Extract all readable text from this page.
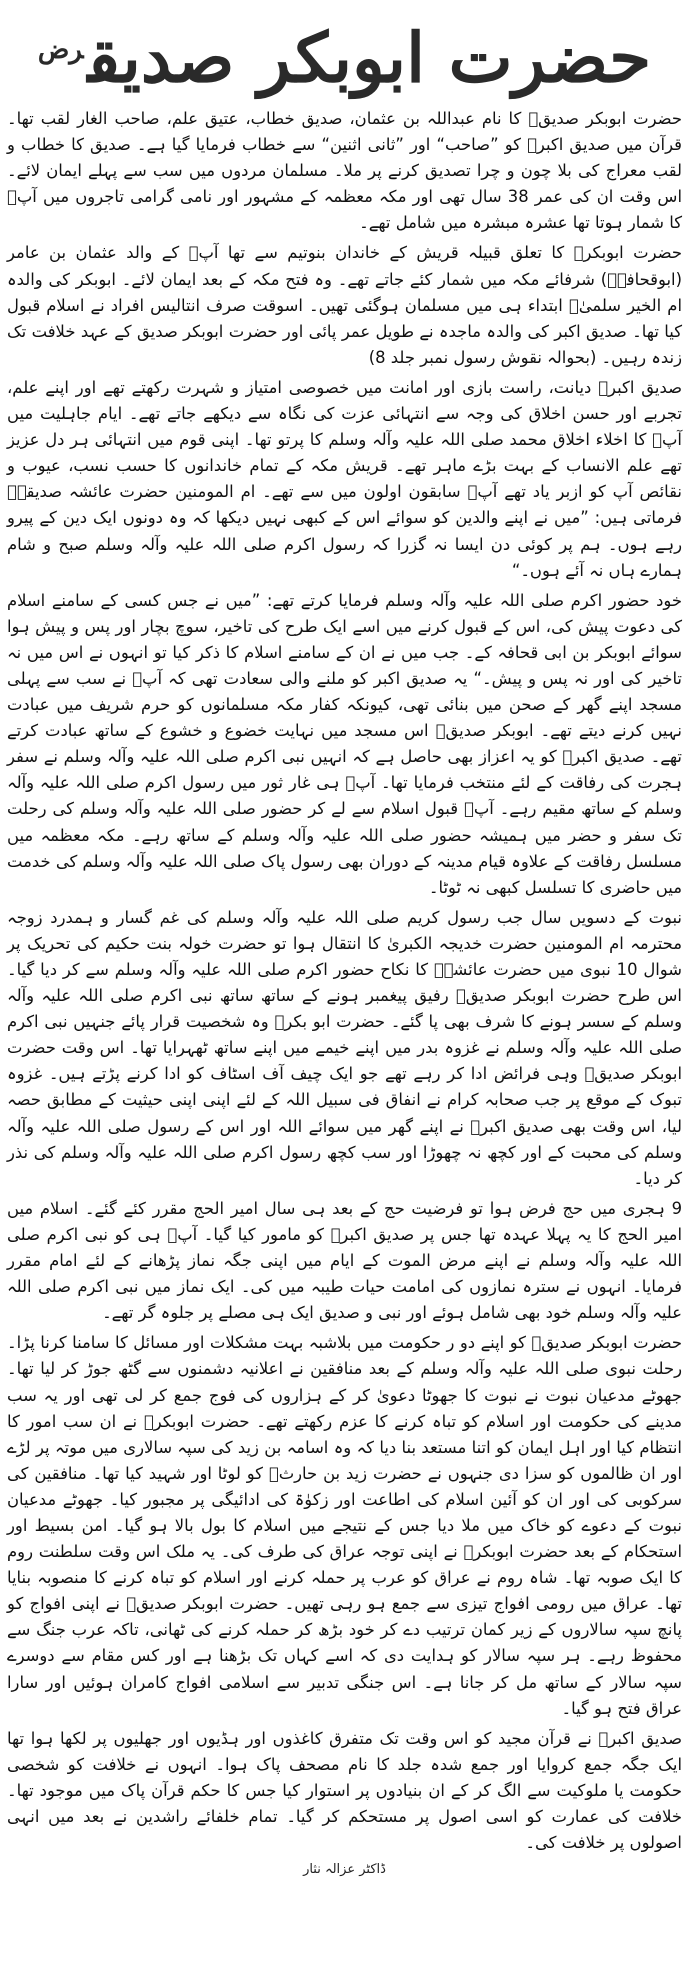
حضرت ابوبکر صدیق$^{رض}$

حضرت ابوبکر صدیقؓ کا نام عبداللہ بن عثمان، صدیق خطاب، عتیق علم، صاحب الغار لقب تھا۔ قرآن میں صدیق اکبرؓ کو ”صاحب“ اور ”ثانی اثنین“ سے خطاب فرمایا گیا ہے۔ صدیق کا خطاب و لقب معراج کی بلا چون و چرا تصدیق کرنے پر ملا۔ مسلمان مردوں میں سب سے پہلے ایمان لائے۔ اس وقت ان کی عمر 38 سال تھی اور مکہ معظمہ کے مشہور اور نامی گرامی تاجروں میں آپؓ کا شمار ہوتا تھا عشرہ مبشرہ میں شامل تھے۔

حضرت ابوبکرؓ کا تعلق قبیلہ قریش کے خاندان بنوتیم سے تھا آپؓ کے والد عثمان بن عامر (ابوقحافہؓ) شرفائے مکہ میں شمار کئے جاتے تھے۔ وہ فتح مکہ کے بعد ایمان لائے۔ ابوبکر کی والدہ ام الخیر سلمیٰؓ ابتداء ہی میں مسلمان ہوگئی تھیں۔ اسوقت صرف انتالیس افراد نے اسلام قبول کیا تھا۔ صدیق اکبر کی والدہ ماجدہ نے طویل عمر پائی اور حضرت ابوبکر صدیق کے عہد خلافت تک زندہ رہیں۔ (بحوالہ نقوش رسول نمبر جلد 8)

صدیق اکبرؓ دیانت، راست بازی اور امانت میں خصوصی امتیاز و شہرت رکھتے تھے اور اپنے علم، تجربے اور حسن اخلاق کی وجہ سے انتہائی عزت کی نگاہ سے دیکھے جاتے تھے۔ ایام جاہلیت میں آپؓ کا اخلاء اخلاق محمد صلی اللہ علیہ وآلہ وسلم کا پرتو تھا۔ اپنی قوم میں انتہائی ہر دل عزیز تھے علم الانساب کے بہت بڑے ماہر تھے۔ قریش مکہ کے تمام خاندانوں کا حسب نسب، عیوب و نقائص آپ کو ازبر یاد تھے آپؓ سابقون اولون میں سے تھے۔ ام المومنین حضرت عائشہ صدیقہؓ فرماتی ہیں: ”میں نے اپنے والدین کو سوائے اس کے کبھی نہیں دیکھا کہ وہ دونوں ایک دین کے پیرو رہے ہوں۔ ہم پر کوئی دن ایسا نہ گزرا کہ رسول اکرم صلی اللہ علیہ وآلہ وسلم صبح و شام ہمارے ہاں نہ آئے ہوں۔“

خود حضور اکرم صلی اللہ علیہ وآلہ وسلم فرمایا کرتے تھے: ”میں نے جس کسی کے سامنے اسلام کی دعوت پیش کی، اس کے قبول کرنے میں اسے ایک طرح کی تاخیر، سوچ بچار اور پس و پیش ہوا سوائے ابوبکر بن ابی قحافہ کے۔ جب میں نے ان کے سامنے اسلام کا ذکر کیا تو انہوں نے اس میں نہ تاخیر کی اور نہ پس و پیش۔“ یہ صدیق اکبر کو ملنے والی سعادت تھی کہ آپؓ نے سب سے پہلی مسجد اپنے گھر کے صحن میں بنائی تھی، کیونکہ کفار مکہ مسلمانوں کو حرم شریف میں عبادت نہیں کرنے دیتے تھے۔ ابوبکر صدیقؓ اس مسجد میں نہایت خضوع و خشوع کے ساتھ عبادت کرتے تھے۔ صدیق اکبرؓ کو یہ اعزاز بھی حاصل ہے کہ انہیں نبی اکرم صلی اللہ علیہ وآلہ وسلم نے سفر ہجرت کی رفاقت کے لئے منتخب فرمایا تھا۔ آپؓ ہی غار ثور میں رسول اکرم صلی اللہ علیہ وآلہ وسلم کے ساتھ مقیم رہے۔ آپؓ قبول اسلام سے لے کر حضور صلی اللہ علیہ وآلہ وسلم کی رحلت تک سفر و حضر میں ہمیشہ حضور صلی اللہ علیہ وآلہ وسلم کے ساتھ رہے۔ مکہ معظمہ میں مسلسل رفاقت کے علاوہ قیام مدینہ کے دوران بھی رسول پاک صلی اللہ علیہ وآلہ وسلم کی خدمت میں حاضری کا تسلسل کبھی نہ ٹوٹا۔

نبوت کے دسویں سال جب رسول کریم صلی اللہ علیہ وآلہ وسلم کی غم گسار و ہمدرد زوجہ محترمہ ام المومنین حضرت خدیجہ الکبریٰ کا انتقال ہوا تو حضرت خولہ بنت حکیم کی تحریک پر شوال 10 نبوی میں حضرت عائشہؓ کا نکاح حضور اکرم صلی اللہ علیہ وآلہ وسلم سے کر دیا گیا۔ اس طرح حضرت ابوبکر صدیقؓ رفیق پیغمبر ہونے کے ساتھ ساتھ نبی اکرم صلی اللہ علیہ وآلہ وسلم کے سسر ہونے کا شرف بھی پا گئے۔ حضرت ابو بکرؓ وہ شخصیت قرار پائے جنہیں نبی اکرم صلی اللہ علیہ وآلہ وسلم نے غزوہ بدر میں اپنے خیمے میں اپنے ساتھ ٹھہرایا تھا۔ اس وقت حضرت ابوبکر صدیقؓ وہی فرائض ادا کر رہے تھے جو ایک چیف آف اسٹاف کو ادا کرنے پڑتے ہیں۔ غزوہ تبوک کے موقع پر جب صحابہ کرام نے انفاق فی سبیل اللہ کے لئے اپنی اپنی حیثیت کے مطابق حصہ لیا، اس وقت بھی صدیق اکبرؓ نے اپنے گھر میں سوائے اللہ اور اس کے رسول صلی اللہ علیہ وآلہ وسلم کی محبت کے اور کچھ نہ چھوڑا اور سب کچھ رسول اکرم صلی اللہ علیہ وآلہ وسلم کی نذر کر دیا۔

9 ہجری میں حج فرض ہوا تو فرضیت حج کے بعد ہی سال امیر الحج مقرر کئے گئے۔ اسلام میں امیر الحج کا یہ پہلا عہدہ تھا جس پر صدیق اکبرؓ کو مامور کیا گیا۔ آپؓ ہی کو نبی اکرم صلی اللہ علیہ وآلہ وسلم نے اپنے مرض الموت کے ایام میں اپنی جگہ نماز پڑھانے کے لئے امام مقرر فرمایا۔ انہوں نے سترہ نمازوں کی امامت حیات طیبہ میں کی۔ ایک نماز میں نبی اکرم صلی اللہ علیہ وآلہ وسلم خود بھی شامل ہوئے اور نبی و صدیق ایک ہی مصلے پر جلوہ گر تھے۔

حضرت ابوبکر صدیقؓ کو اپنے دو ر حکومت میں بلاشبہ بہت مشکلات اور مسائل کا سامنا کرنا پڑا۔ رحلت نبوی صلی اللہ علیہ وآلہ وسلم کے بعد منافقین نے اعلانیہ دشمنوں سے گٹھ جوڑ کر لیا تھا۔ جھوٹے مدعیان نبوت نے نبوت کا جھوٹا دعویٰ کر کے ہزاروں کی فوج جمع کر لی تھی اور یہ سب مدینے کی حکومت اور اسلام کو تباہ کرنے کا عزم رکھتے تھے۔ حضرت ابوبکرؓ نے ان سب امور کا انتظام کیا اور اہل ایمان کو اتنا مستعد بنا دیا کہ وہ اسامہ بن زید کی سپہ سالاری میں موتہ پر لڑے اور ان ظالموں کو سزا دی جنہوں نے حضرت زید بن حارثؓ کو لوٹا اور شہید کیا تھا۔ منافقین کی سرکوبی کی اور ان کو آئین اسلام کی اطاعت اور زکوٰۃ کی ادائیگی پر مجبور کیا۔ جھوٹے مدعیان نبوت کے دعوے کو خاک میں ملا دیا جس کے نتیجے میں اسلام کا بول بالا ہو گیا۔ امن بسیط اور استحکام کے بعد حضرت ابوبکرؓ نے اپنی توجہ عراق کی طرف کی۔ یہ ملک اس وقت سلطنت روم کا ایک صوبہ تھا۔ شاہ روم نے عراق کو عرب پر حملہ کرنے اور اسلام کو تباہ کرنے کا منصوبہ بنایا تھا۔ عراق میں رومی افواج تیزی سے جمع ہو رہی تھیں۔ حضرت ابوبکر صدیقؓ نے اپنی افواج کو پانچ سپہ سالاروں کے زیر کمان ترتیب دے کر خود بڑھ کر حملہ کرنے کی ٹھانی، تاکہ عرب جنگ سے محفوظ رہے۔ ہر سپہ سالار کو ہدایت دی کہ اسے کہاں تک بڑھنا ہے اور کس مقام سے دوسرے سپہ سالار کے ساتھ مل کر جانا ہے۔ اس جنگی تدبیر سے اسلامی افواج کامران ہوئیں اور سارا عراق فتح ہو گیا۔

صدیق اکبرؓ نے قرآن مجید کو اس وقت تک متفرق کاغذوں اور ہڈیوں اور جھلیوں پر لکھا ہوا تھا ایک جگہ جمع کروایا اور جمع شدہ جلد کا نام مصحف پاک ہوا۔ انہوں نے خلافت کو شخصی حکومت یا ملوکیت سے الگ کر کے ان بنیادوں پر استوار کیا جس کا حکم قرآن پاک میں موجود تھا۔ خلافت کی عمارت کو اسی اصول پر مستحکم کر گیا۔ تمام خلفائے راشدین نے بعد میں انہی اصولوں پر خلافت کی۔

ڈاکٹر عزالہ نثار
